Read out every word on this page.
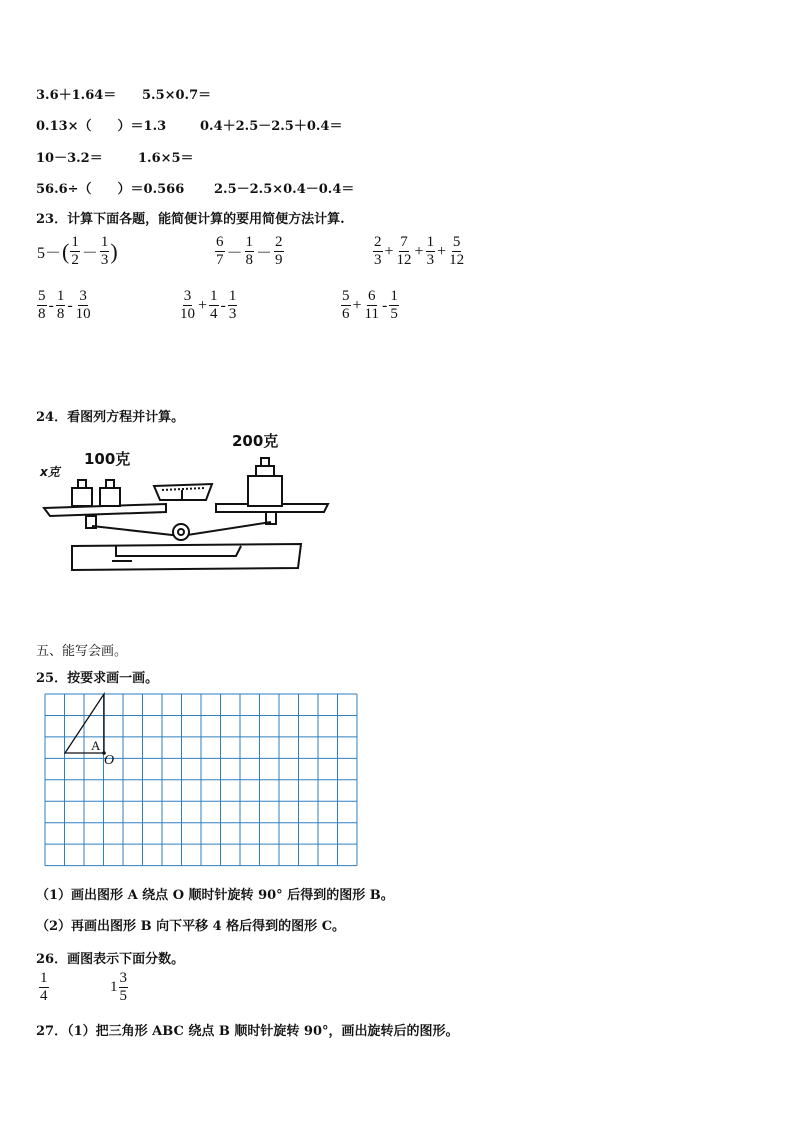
3.6＋1.64＝ 5.5×0.7＝
0.13×（　　）＝1.3	0.4＋2.5－2.5＋0.4＝
10－3.2＝	1.6×5＝
56.6÷（　　）＝0.566 2.5－2.5×0.4－0.4＝
23．计算下面各题，能简便计算的要用简便方法计算.
5－ ( $\frac{1}{2} - \frac{1}{3}$ )	$\frac{6}{7} - \frac{1}{8} - \frac{2}{9}$	$\frac{2}{3} + \frac{7}{12} + \frac{1}{3} + \frac{5}{12}$
$\frac{5}{8} - \frac{1}{8} - \frac{3}{10}$	$\frac{3}{10} + \frac{1}{4} - \frac{1}{3}$	$\frac{5}{6} + \frac{6}{11} - \frac{1}{5}$
24．看图列方程并计算。
x克
100克
200克
五、能写会画。
25．按要求画一画。
A
O
（1）画出图形 A 绕点 O 顺时针旋转 90° 后得到的图形 B。
（2）再画出图形 B 向下平移 4 格后得到的图形 C。
26．画图表示下面分数。
$\frac{1}{4}$	$1 \frac{3}{5}$
27．（1）把三角形 ABC 绕点 B 顺时针旋转 90°，画出旋转后的图形。
